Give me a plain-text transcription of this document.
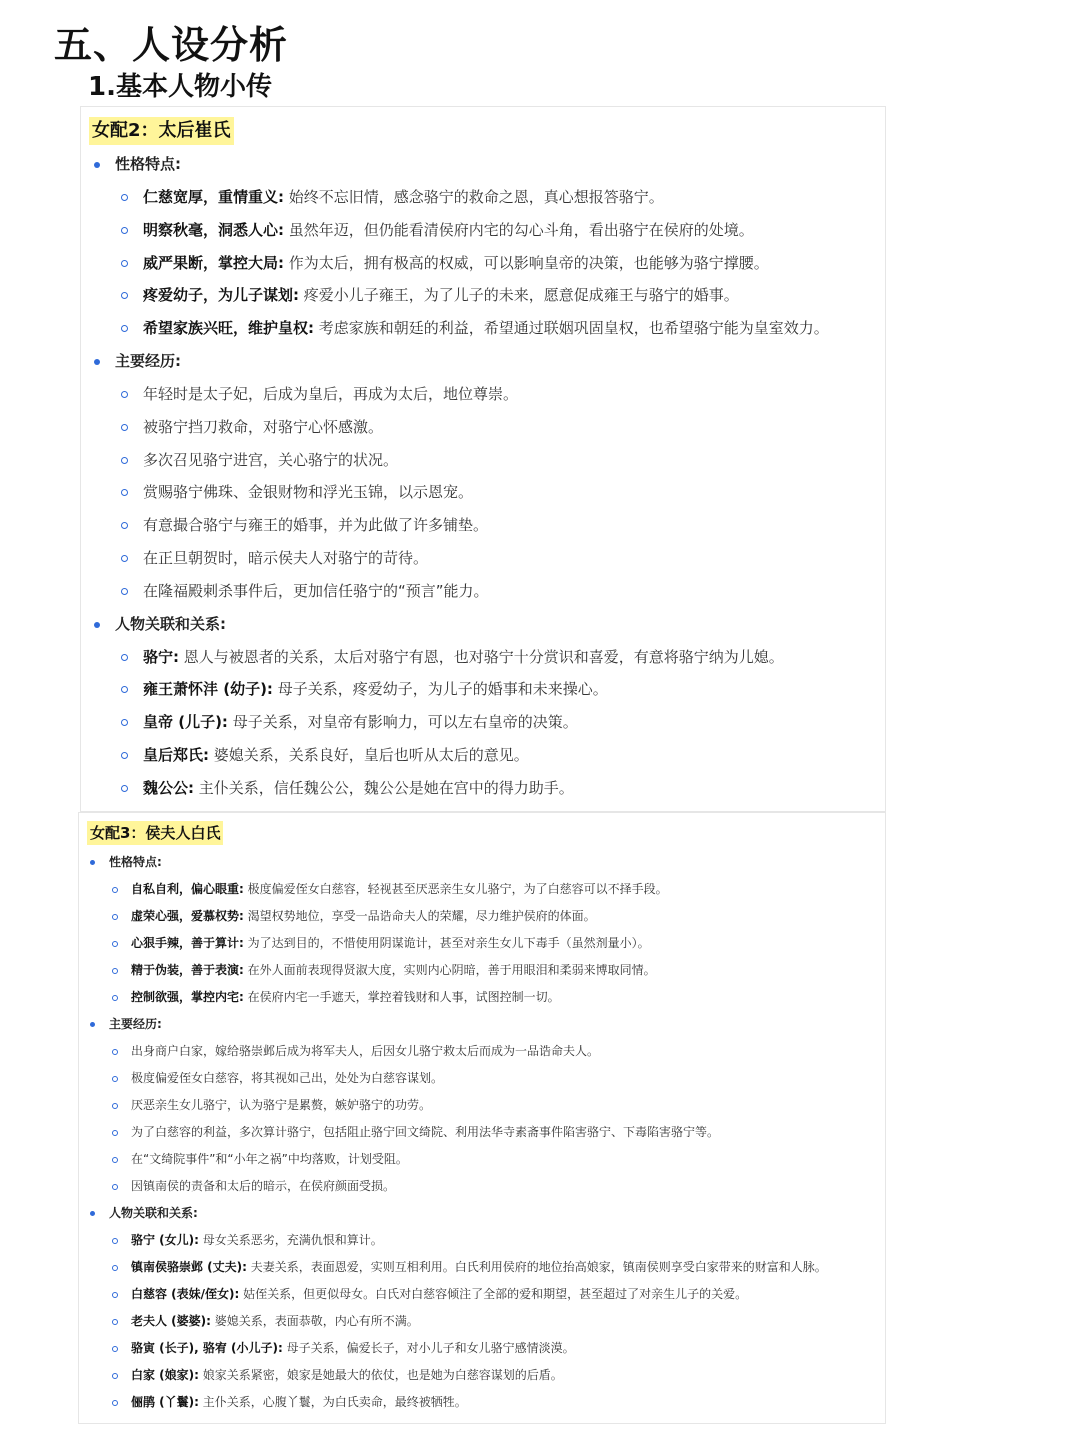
五、人设分析
1.基本人物小传
女配2：太后崔氏
性格特点:
仁慈宽厚，重情重义: 始终不忘旧情，感念骆宁的救命之恩，真心想报答骆宁。
明察秋毫，洞悉人心: 虽然年迈，但仍能看清侯府内宅的勾心斗角，看出骆宁在侯府的处境。
威严果断，掌控大局: 作为太后，拥有极高的权威，可以影响皇帝的决策，也能够为骆宁撑腰。
疼爱幼子，为儿子谋划: 疼爱小儿子雍王，为了儿子的未来，愿意促成雍王与骆宁的婚事。
希望家族兴旺，维护皇权: 考虑家族和朝廷的利益，希望通过联姻巩固皇权，也希望骆宁能为皇室效力。
主要经历:
年轻时是太子妃，后成为皇后，再成为太后，地位尊崇。
被骆宁挡刀救命，对骆宁心怀感激。
多次召见骆宁进宫，关心骆宁的状况。
赏赐骆宁佛珠、金银财物和浮光玉锦，以示恩宠。
有意撮合骆宁与雍王的婚事，并为此做了许多铺垫。
在正旦朝贺时，暗示侯夫人对骆宁的苛待。
在隆福殿刺杀事件后，更加信任骆宁的“预言”能力。
人物关联和关系:
骆宁: 恩人与被恩者的关系，太后对骆宁有恩，也对骆宁十分赏识和喜爱，有意将骆宁纳为儿媳。
雍王萧怀沣 (幼子): 母子关系，疼爱幼子，为儿子的婚事和未来操心。
皇帝 (儿子): 母子关系，对皇帝有影响力，可以左右皇帝的决策。
皇后郑氏: 婆媳关系，关系良好，皇后也听从太后的意见。
魏公公: 主仆关系，信任魏公公，魏公公是她在宫中的得力助手。
女配3：侯夫人白氏
性格特点:
自私自利，偏心眼重: 极度偏爱侄女白慈容，轻视甚至厌恶亲生女儿骆宁，为了白慈容可以不择手段。
虚荣心强，爱慕权势: 渴望权势地位，享受一品诰命夫人的荣耀，尽力维护侯府的体面。
心狠手辣，善于算计: 为了达到目的，不惜使用阴谋诡计，甚至对亲生女儿下毒手（虽然剂量小）。
精于伪装，善于表演: 在外人面前表现得贤淑大度，实则内心阴暗，善于用眼泪和柔弱来博取同情。
控制欲强，掌控内宅: 在侯府内宅一手遮天，掌控着钱财和人事，试图控制一切。
主要经历:
出身商户白家，嫁给骆崇邺后成为将军夫人，后因女儿骆宁救太后而成为一品诰命夫人。
极度偏爱侄女白慈容，将其视如己出，处处为白慈容谋划。
厌恶亲生女儿骆宁，认为骆宁是累赘，嫉妒骆宁的功劳。
为了白慈容的利益，多次算计骆宁，包括阻止骆宁回文绮院、利用法华寺素斋事件陷害骆宁、下毒陷害骆宁等。
在“文绮院事件”和“小年之祸”中均落败，计划受阻。
因镇南侯的责备和太后的暗示，在侯府颜面受损。
人物关联和关系:
骆宁 (女儿): 母女关系恶劣，充满仇恨和算计。
镇南侯骆崇邺 (丈夫): 夫妻关系，表面恩爱，实则互相利用。白氏利用侯府的地位抬高娘家，镇南侯则享受白家带来的财富和人脉。
白慈容 (表妹/侄女): 姑侄关系，但更似母女。白氏对白慈容倾注了全部的爱和期望，甚至超过了对亲生儿子的关爱。
老夫人 (婆婆): 婆媳关系，表面恭敬，内心有所不满。
骆寅 (长子), 骆宥 (小儿子): 母子关系，偏爱长子，对小儿子和女儿骆宁感情淡漠。
白家 (娘家): 娘家关系紧密，娘家是她最大的依仗，也是她为白慈容谋划的后盾。
俪鹃 (丫鬟): 主仆关系，心腹丫鬟，为白氏卖命，最终被牺牲。
